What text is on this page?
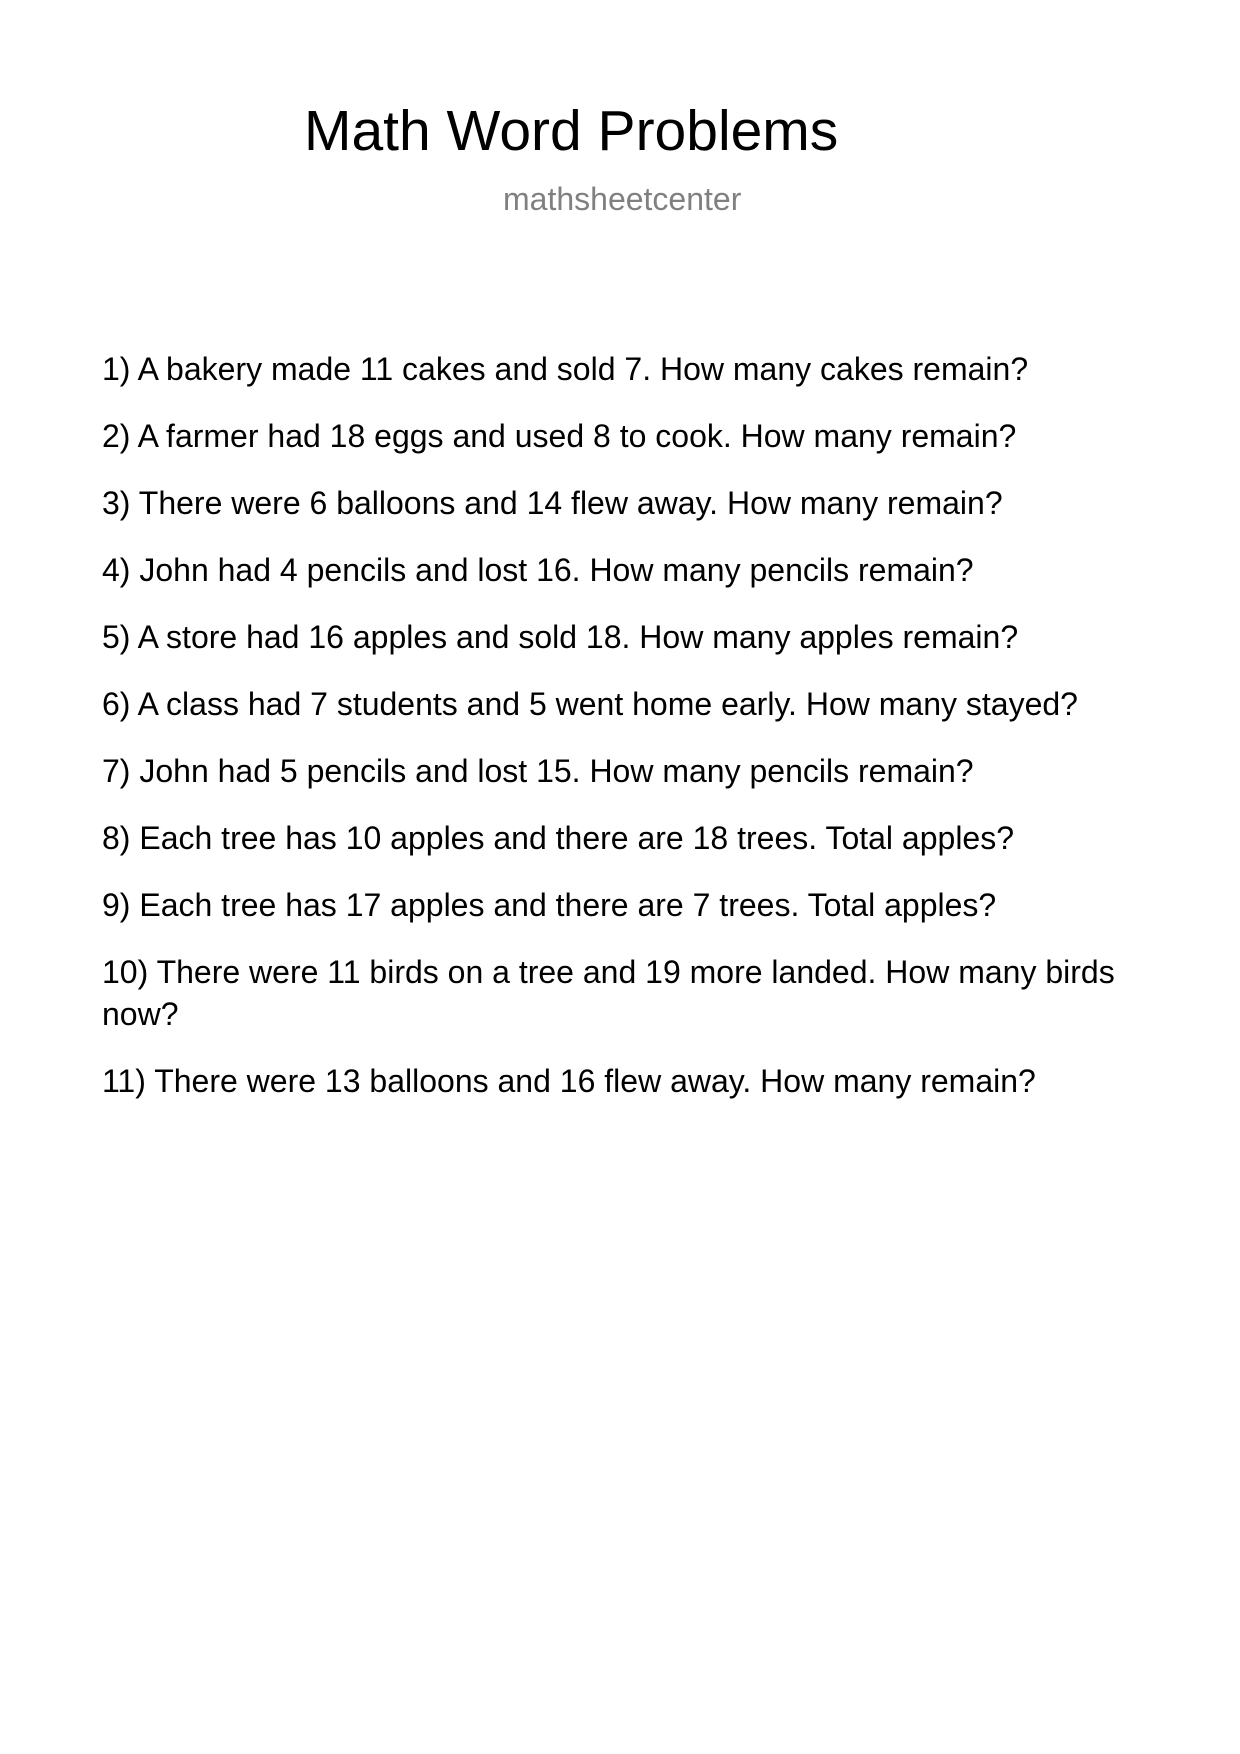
Math Word Problems
mathsheetcenter
1) A bakery made 11 cakes and sold 7. How many cakes remain?
2) A farmer had 18 eggs and used 8 to cook. How many remain?
3) There were 6 balloons and 14 flew away. How many remain?
4) John had 4 pencils and lost 16. How many pencils remain?
5) A store had 16 apples and sold 18. How many apples remain?
6) A class had 7 students and 5 went home early. How many stayed?
7) John had 5 pencils and lost 15. How many pencils remain?
8) Each tree has 10 apples and there are 18 trees. Total apples?
9) Each tree has 17 apples and there are 7 trees. Total apples?
10) There were 11 birds on a tree and 19 more landed. How many birds now?
11) There were 13 balloons and 16 flew away. How many remain?
